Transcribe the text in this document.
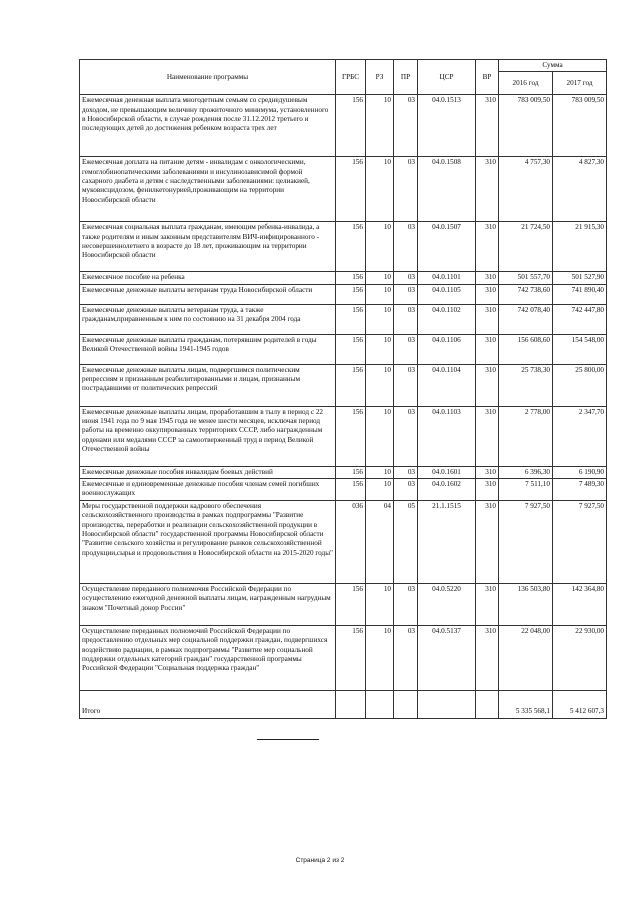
Наименование программы	ГРБС	РЗ	ПР	ЦСР	ВР	Сумма	
						2016 год	2017 год
Ежемесячная денежная выплата многодетным семьям со среднедушевым доходом, не превышающим величину прожиточного минимума, установленного в Новосибирской области, в случае рождения после 31.12.2012 третьего и последующих детей до достижения ребенком возраста трех лет	156	10	03	04.0.1513	310	783 009,50	783 009,50
Ежемесячная доплата на питание детям - инвалидам с онкологическими, гемоглобинопатическими заболеваниями и инсулинозависимой формой сахарного диабета и детям с наследственными заболеваниями: целиакией, муковисцидозом, фенилкетонурией,проживающим на территории Новосибирской области	156	10	03	04.0.1508	310	4 757,30	4 827,30
Ежемесячная социальная выплата гражданам, имеющим ребенка-инвалида, а также родителям и иным законным представителям ВИЧ-инфицированного - несовершеннолетнего в возрасте до 18 лет, проживающим на территории Новосибирской области	156	10	03	04.0.1507	310	21 724,50	21 915,30
Ежемесячное пособие на ребенка	156	10	03	04.0.1101	310	501 557,70	501 527,90
Ежемесячные денежные выплаты ветеранам труда Новосибирской области	156	10	03	04.0.1105	310	742 738,60	741 890,40
Ежемесячные денежные выплаты ветеранам труда, а также гражданам,приравненным к ним по состоянию на 31 декабря 2004 года	156	10	03	04.0.1102	310	742 078,40	742 447,80
Ежемесячные денежные выплаты гражданам, потерявшим родителей в годы Великой Отечественной войны 1941-1945 годов	156	10	03	04.0.1106	310	156 608,60	154 548,00
Ежемесячные денежные выплаты лицам, подвергшимся политическим репрессиям и признанным реабилитированными и лицам, признанным пострадавшими от политических репрессий	156	10	03	04.0.1104	310	25 738,30	25 800,00
Ежемесячные денежные выплаты лицам, проработавшим в тылу в период с 22 июня 1941 года по 9 мая 1945 года не менее шести месяцев, исключая период работы на временно оккупированных территориях СССР, либо награжденным орденами или медалями СССР за самоотверженный труд в период Великой Отечественной войны	156	10	03	04.0.1103	310	2 778,00	2 347,70
Ежемесячные денежные пособия инвалидам боевых действий	156	10	03	04.0.1601	310	6 396,30	6 190,90
Ежемесячные и единовременные денежные пособия членам семей погибших военнослужащих	156	10	03	04.0.1602	310	7 511,10	7 489,30
Меры государственной поддержки кадрового обеспечения сельскохозяйственного производства в рамках подпрограммы "Развитие производства, переработки и реализации сельскохозяйственной продукции в Новосибирской области" государственной программы Новосибирской области "Развитие сельского хозяйства и регулирование рынков сельскохозяйственной продукции,сырья и продовольствия в Новосибирской области на 2015-2020 годы"	036	04	05	21.1.1515	310	7 927,50	7 927,50
Осуществление переданного полномочия Российской Федерации по осуществлению ежегодной денежной выплаты лицам, награжденным нагрудным знаком "Почетный донор России"	156	10	03	04.0.5220	310	136 503,80	142 364,80
Осуществление переданных полномочий Российской Федерации по предоставлению отдельных мер социальной поддержки граждан, подвергшихся воздействию радиации, в рамках подпрограммы "Развитие мер социальной поддержки отдельных категорий граждан" государственной программы Российской Федерации "Социальная поддержка граждан"	156	10	03	04.0.5137	310	22 048,00	22 930,00
Итого						5 335 568,1	5 412 607,3
Страница 2 из 2
